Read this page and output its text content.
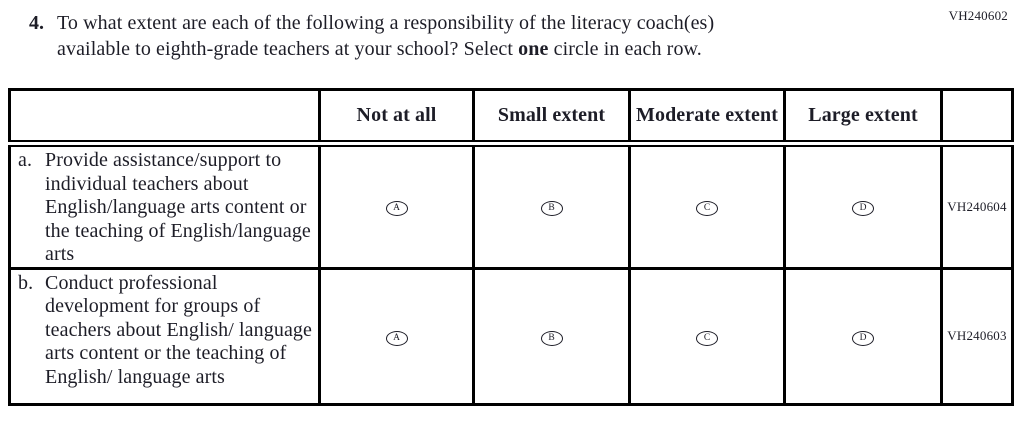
VH240602
4. To what extent are each of the following a responsibility of the literacy coach(es)
available to eighth-grade teachers at your school? Select one circle in each row.
	Not at all	Small extent	Moderate extent	Large extent	

a. Provide assistance/support to individual teachers about English/language arts content or the teaching of English/language arts	A	B	C	D	VH240604

b. Conduct professional development for groups of teachers about English/ language arts content or the teaching of English/ language arts	A	B	C	D	VH240603
